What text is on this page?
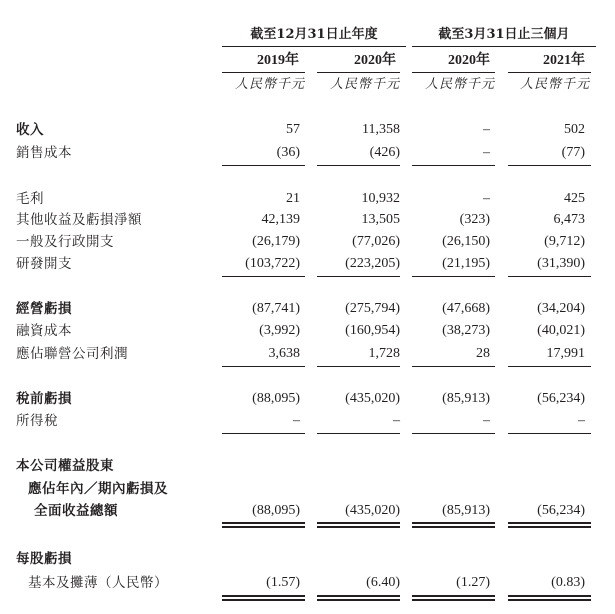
截至12月31日止年度	截至3月31日止三個月
2019年	2020年	2020年	2021年
人民幣千元	人民幣千元	人民幣千元	人民幣千元
收入	57	11,358	–	502
銷售成本	(36)	(426)	–	(77)
毛利	21	10,932	–	425
其他收益及虧損淨額	42,139	13,505	(323)	6,473
一般及行政開支	(26,179)	(77,026)	(26,150)	(9,712)
研發開支	(103,722)	(223,205)	(21,195)	(31,390)
經營虧損	(87,741)	(275,794)	(47,668)	(34,204)
融資成本	(3,992)	(160,954)	(38,273)	(40,021)
應佔聯營公司利潤	3,638	1,728	28	17,991
稅前虧損	(88,095)	(435,020)	(85,913)	(56,234)
所得稅	–	–	–	–
本公司權益股東
應佔年內／期內虧損及
全面收益總額	(88,095)	(435,020)	(85,913)	(56,234)
每股虧損
基本及攤薄（人民幣）	(1.57)	(6.40)	(1.27)	(0.83)
